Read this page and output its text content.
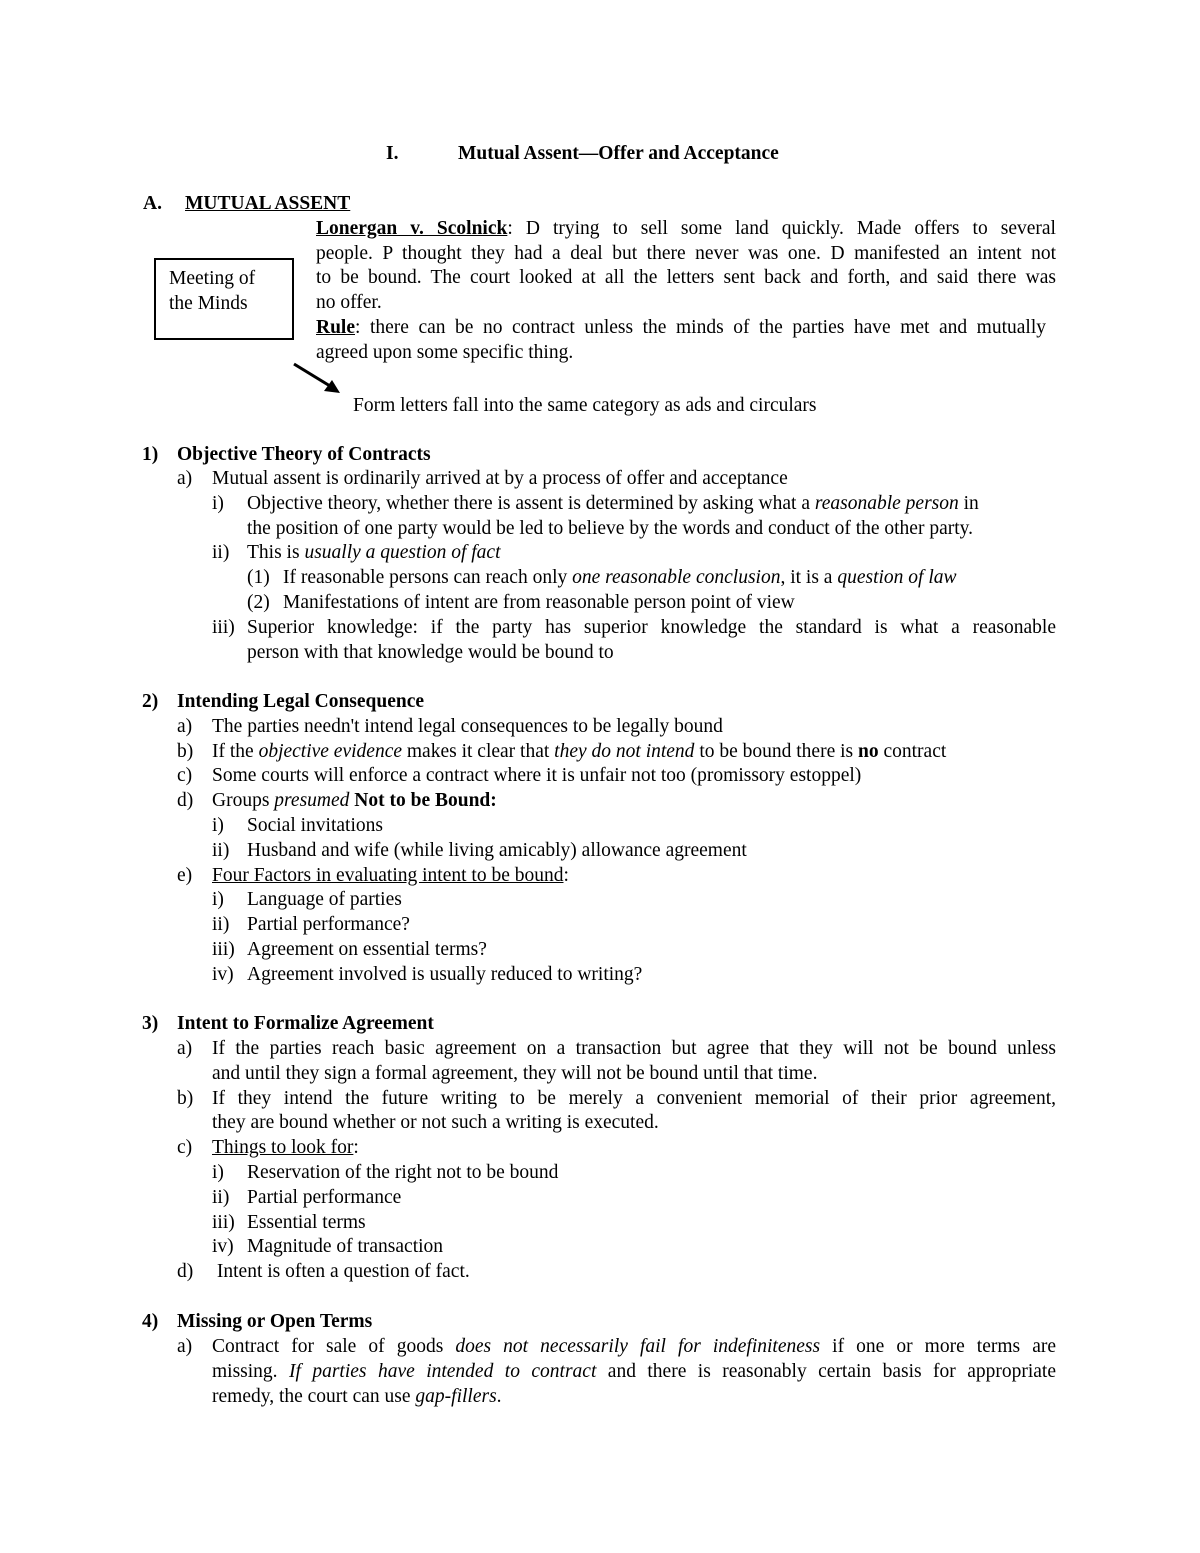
I.	Mutual Assent—Offer and Acceptance
A. MUTUAL ASSENT
Meeting of
the Minds
Lonergan v. Scolnick: D trying to sell some land quickly. Made offers to several
people. P thought they had a deal but there never was one. D manifested an intent not
to be bound. The court looked at all the letters sent back and forth, and said there was
no offer.
Rule: there can be no contract unless the minds of the parties have met and mutually
agreed upon some specific thing.
Form letters fall into the same category as ads and circulars
1) Objective Theory of Contracts
a) Mutual assent is ordinarily arrived at by a process of offer and acceptance
i) Objective theory, whether there is assent is determined by asking what a reasonable person in
the position of one party would be led to believe by the words and conduct of the other party.
ii) This is usually a question of fact
(1) If reasonable persons can reach only one reasonable conclusion, it is a question of law
(2) Manifestations of intent are from reasonable person point of view
iii) Superior knowledge: if the party has superior knowledge the standard is what a reasonable
person with that knowledge would be bound to
2) Intending Legal Consequence
a) The parties needn't intend legal consequences to be legally bound
b) If the objective evidence makes it clear that they do not intend to be bound there is no contract
c) Some courts will enforce a contract where it is unfair not too (promissory estoppel)
d) Groups presumed Not to be Bound:
i) Social invitations
ii) Husband and wife (while living amicably) allowance agreement
e) Four Factors in evaluating intent to be bound:
i) Language of parties
ii) Partial performance?
iii) Agreement on essential terms?
iv) Agreement involved is usually reduced to writing?
3) Intent to Formalize Agreement
a) If the parties reach basic agreement on a transaction but agree that they will not be bound unless
and until they sign a formal agreement, they will not be bound until that time.
b) If they intend the future writing to be merely a convenient memorial of their prior agreement,
they are bound whether or not such a writing is executed.
c) Things to look for:
i) Reservation of the right not to be bound
ii) Partial performance
iii) Essential terms
iv) Magnitude of transaction
d) Intent is often a question of fact.
4) Missing or Open Terms
a) Contract for sale of goods does not necessarily fail for indefiniteness if one or more terms are
missing. If parties have intended to contract and there is reasonably certain basis for appropriate
remedy, the court can use gap-fillers.
